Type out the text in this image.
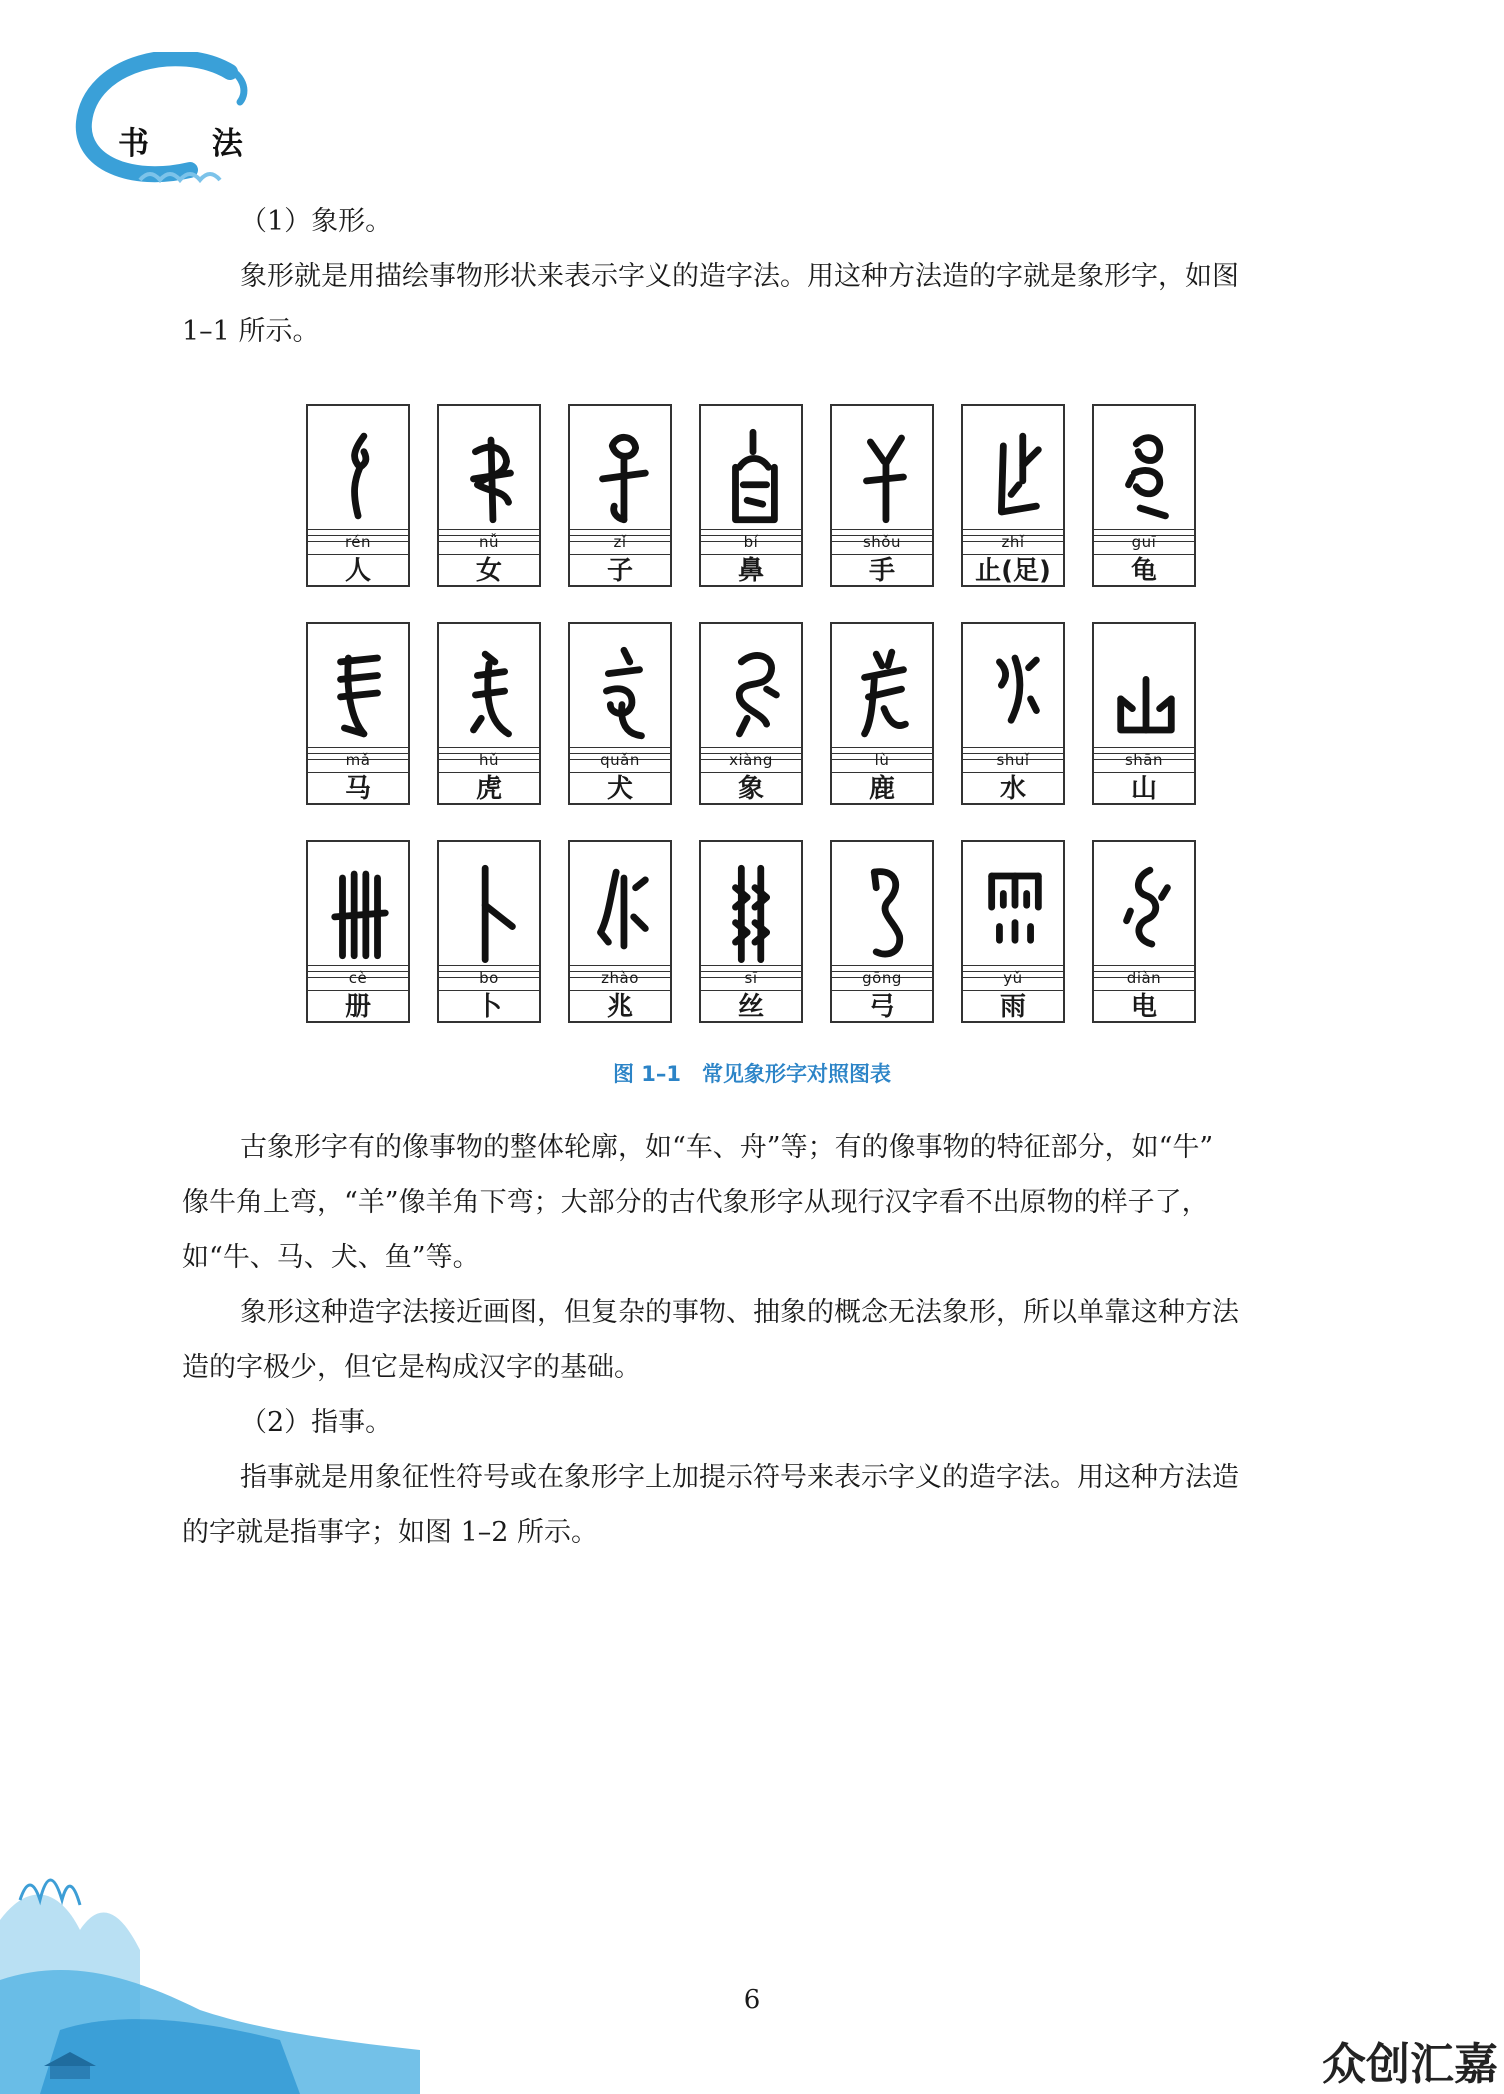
书 法
（1）象形。
象形就是用描绘事物形状来表示字义的造字法。用这种方法造的字就是象形字，如图
1–1 所示。
rén
人
nǚ
女
zǐ
子
bí
鼻
shǒu
手
zhǐ
止(足)
guī
龟
mǎ
马
hǔ
虎
quǎn
犬
xiàng
象
lù
鹿
shuǐ
水
shān
山
cè
册
bo
卜
zhào
兆
sī
丝
gōng
弓
yǔ
雨
diàn
电
图 1–1　常见象形字对照图表
古象形字有的像事物的整体轮廓，如“车、舟”等；有的像事物的特征部分，如“牛”
像牛角上弯，“羊”像羊角下弯；大部分的古代象形字从现行汉字看不出原物的样子了，
如“牛、马、犬、鱼”等。
象形这种造字法接近画图，但复杂的事物、抽象的概念无法象形，所以单靠这种方法
造的字极少，但它是构成汉字的基础。
（2）指事。
指事就是用象征性符号或在象形字上加提示符号来表示字义的造字法。用这种方法造
的字就是指事字；如图 1–2 所示。
6
众创汇嘉
